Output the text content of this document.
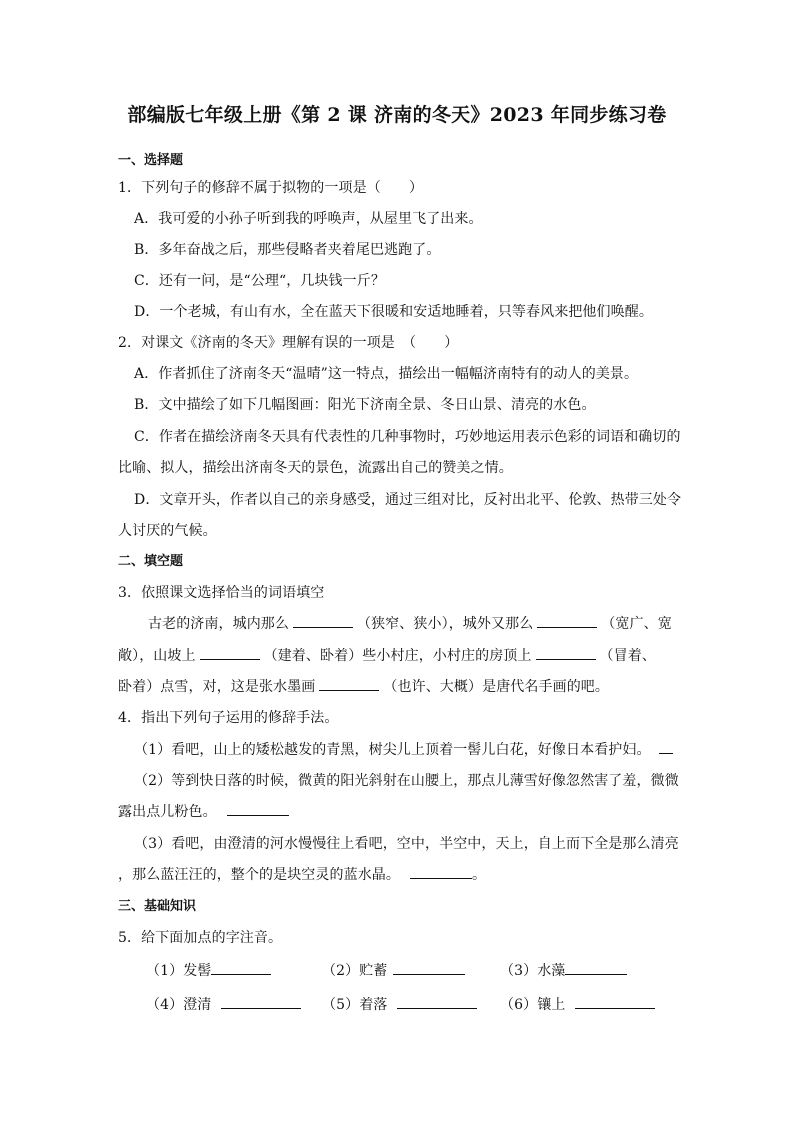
部编版七年级上册《第 2 课 济南的冬天》2023 年同步练习卷
一、选择题
1．下列句子的修辞不属于拟物的一项是（　　）
A．我可爱的小孙子听到我的呼唤声，从屋里飞了出来。
B．多年奋战之后，那些侵略者夹着尾巴逃跑了。
C．还有一问，是“公理“，几块钱一斤？
D．一个老城，有山有水，全在蓝天下很暖和安适地睡着，只等春风来把他们唤醒。
2．对课文《济南的冬天》理解有误的一项是　（　　）
A．作者抓住了济南冬天“温晴”这一特点，描绘出一幅幅济南特有的动人的美景。
B．文中描绘了如下几幅图画：阳光下济南全景、冬日山景、清亮的水色。
C．作者在描绘济南冬天具有代表性的几种事物时，巧妙地运用表示色彩的词语和确切的
比喻、拟人，描绘出济南冬天的景色，流露出自己的赞美之情。
D．文章开头，作者以自己的亲身感受，通过三组对比，反衬出北平、伦敦、热带三处令
人讨厌的气候。
二、填空题
3．依照课文选择恰当的词语填空
古老的济南，城内那么	（狭窄、狭小），城外又那么	（宽广、宽
敞），山坡上	（建着、卧着）些小村庄，小村庄的房顶上	（冒着、
卧着）点雪，对，这是张水墨画	（也许、大概）是唐代名手画的吧。
4．指出下列句子运用的修辞手法。
（1）看吧，山上的矮松越发的青黑，树尖儿上顶着一髻儿白花，好像日本看护妇。
（2）等到快日落的时候，微黄的阳光斜射在山腰上，那点儿薄雪好像忽然害了羞，微微
露出点儿粉色。
（3）看吧，由澄清的河水慢慢往上看吧，空中，半空中，天上，自上而下全是那么清亮
，那么蓝汪汪的，整个的是块空灵的蓝水晶。	。
三、基础知识
5．给下面加点的字注音。
（1）发髻	（2）贮蓄	（3）水藻
（4）澄清	（5）着落	（6）镶上
